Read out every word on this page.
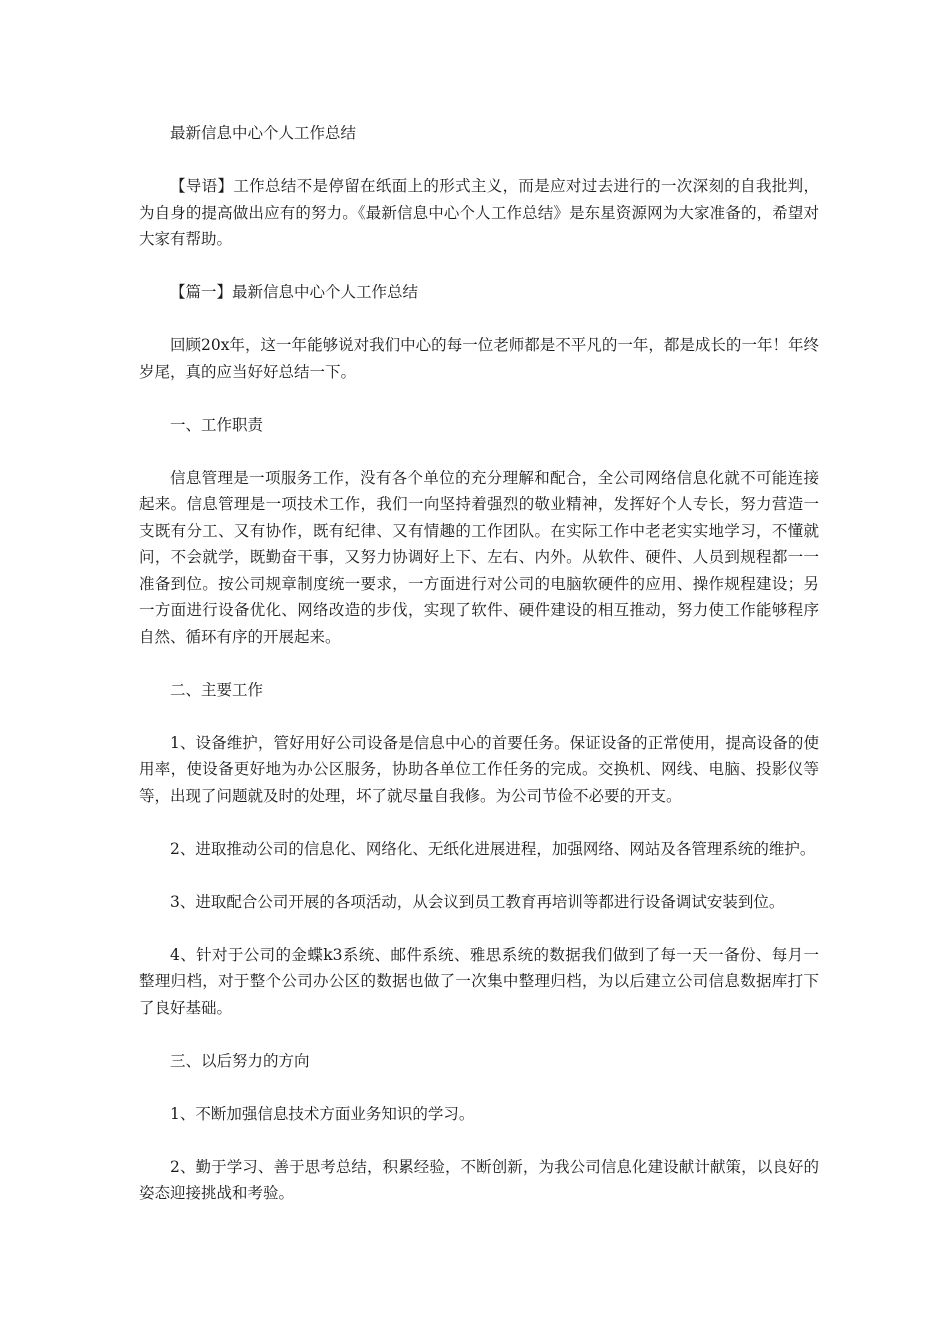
最新信息中心个人工作总结

【导语】工作总结不是停留在纸面上的形式主义，而是应对过去进行的一次深刻的自我批判，为自身的提高做出应有的努力。《最新信息中心个人工作总结》是东星资源网为大家准备的，希望对大家有帮助。

【篇一】最新信息中心个人工作总结

回顾20x年，这一年能够说对我们中心的每一位老师都是不平凡的一年，都是成长的一年！年终岁尾，真的应当好好总结一下。

一、工作职责

信息管理是一项服务工作，没有各个单位的充分理解和配合，全公司网络信息化就不可能连接起来。信息管理是一项技术工作，我们一向坚持着强烈的敬业精神，发挥好个人专长，努力营造一支既有分工、又有协作，既有纪律、又有情趣的工作团队。在实际工作中老老实实地学习，不懂就问，不会就学，既勤奋干事，又努力协调好上下、左右、内外。从软件、硬件、人员到规程都一一准备到位。按公司规章制度统一要求，一方面进行对公司的电脑软硬件的应用、操作规程建设；另一方面进行设备优化、网络改造的步伐，实现了软件、硬件建设的相互推动，努力使工作能够程序自然、循环有序的开展起来。

二、主要工作

1、设备维护，管好用好公司设备是信息中心的首要任务。保证设备的正常使用，提高设备的使用率，使设备更好地为办公区服务，协助各单位工作任务的完成。交换机、网线、电脑、投影仪等等，出现了问题就及时的处理，坏了就尽量自我修。为公司节俭不必要的开支。

2、进取推动公司的信息化、网络化、无纸化进展进程，加强网络、网站及各管理系统的维护。

3、进取配合公司开展的各项活动，从会议到员工教育再培训等都进行设备调试安装到位。

4、针对于公司的金蝶k3系统、邮件系统、雅思系统的数据我们做到了每一天一备份、每月一整理归档，对于整个公司办公区的数据也做了一次集中整理归档，为以后建立公司信息数据库打下了良好基础。

三、以后努力的方向

1、不断加强信息技术方面业务知识的学习。

2、勤于学习、善于思考总结，积累经验，不断创新，为我公司信息化建设献计献策，以良好的姿态迎接挑战和考验。
